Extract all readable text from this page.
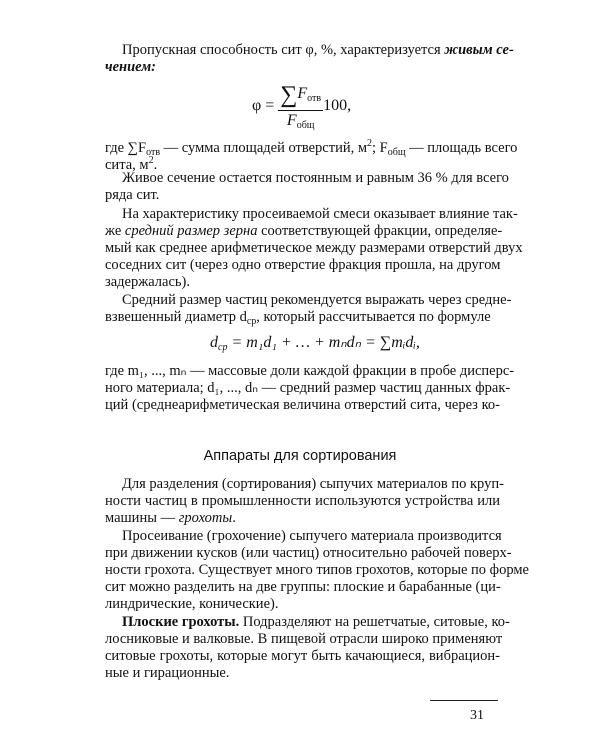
Пропускная способность сит φ, %, характеризуется живым се-
чением:
$\varphi = \frac{\sum F_{отв}}{F_{общ}} 100$,
где $\sum F_{отв}$ — сумма площадей отверстий, $м^2$; $F_{общ}$ — площадь всего
сита, $м^2$.
Живое сечение остается постоянным и равным 36 % для всего
ряда сит.
На характеристику просеиваемой смеси оказывает влияние так-
же средний размер зерна соответствующей фракции, определяе-
мый как среднее арифметическое между размерами отверстий двух
соседних сит (через одно отверстие фракция прошла, на другом
задержалась).
Средний размер частиц рекомендуется выражать через средне-
взвешенный диаметр $d_{ср}$, который рассчитывается по формуле
$d_{ср} = m_1d_1$ + … + mₙdₙ = ∑mᵢdᵢ,
где m₁, ..., mₙ — массовые доли каждой фракции в пробе дисперс-
ного материала; d₁, ..., dₙ — средний размер частиц данных фрак-
ций (среднеарифметическая величина отверстий сита, через ко-
Аппараты для сортирования
Для разделения (сортирования) сыпучих материалов по круп-
ности частиц в промышленности используются устройства или
машины — грохоты.
Просеивание (грохочение) сыпучего материала производится
при движении кусков (или частиц) относительно рабочей поверх-
ности грохота. Существует много типов грохотов, которые по форме
сит можно разделить на две группы: плоские и барабанные (ци-
линдрические, конические).
Плоские грохоты. Подразделяют на решетчатые, ситовые, ко-
лосниковые и валковые. В пищевой отрасли широко применяют
ситовые грохоты, которые могут быть качающиеся, вибрацион-
ные и гирационные.
31
